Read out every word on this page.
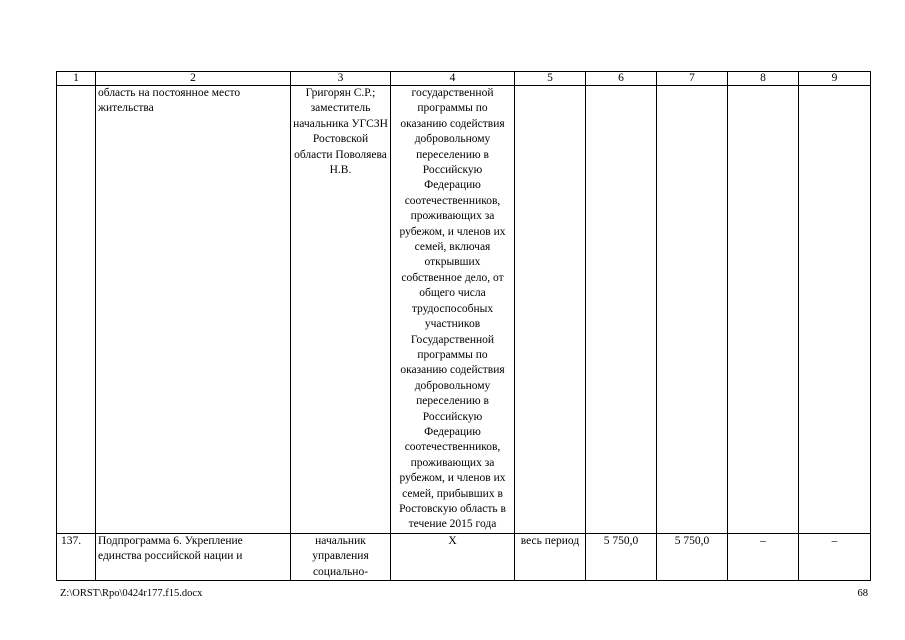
1	2	3	4	5	6	7	8	9
	область на постоянное место жительства	Григорян С.Р.; заместитель начальника УГСЗН Ростовской области Поволяева Н.В.	государственной программы по оказанию содействия добровольному переселению в Российскую Федерацию соотечественников, проживающих за рубежом, и членов их семей, включая открывших собственное дело, от общего числа трудоспособных участников Государственной программы по оказанию содействия добровольному переселению в Российскую Федерацию соотечественников, проживающих за рубежом, и членов их семей, прибывших в Ростовскую область в течение 2015 года					
137.	Подпрограмма 6. Укрепление единства российской нации и	начальник управления социально-	Х	весь период	5 750,0	5 750,0	–	–
Z:\ORST\Rpo\0424r177.f15.docx	68
